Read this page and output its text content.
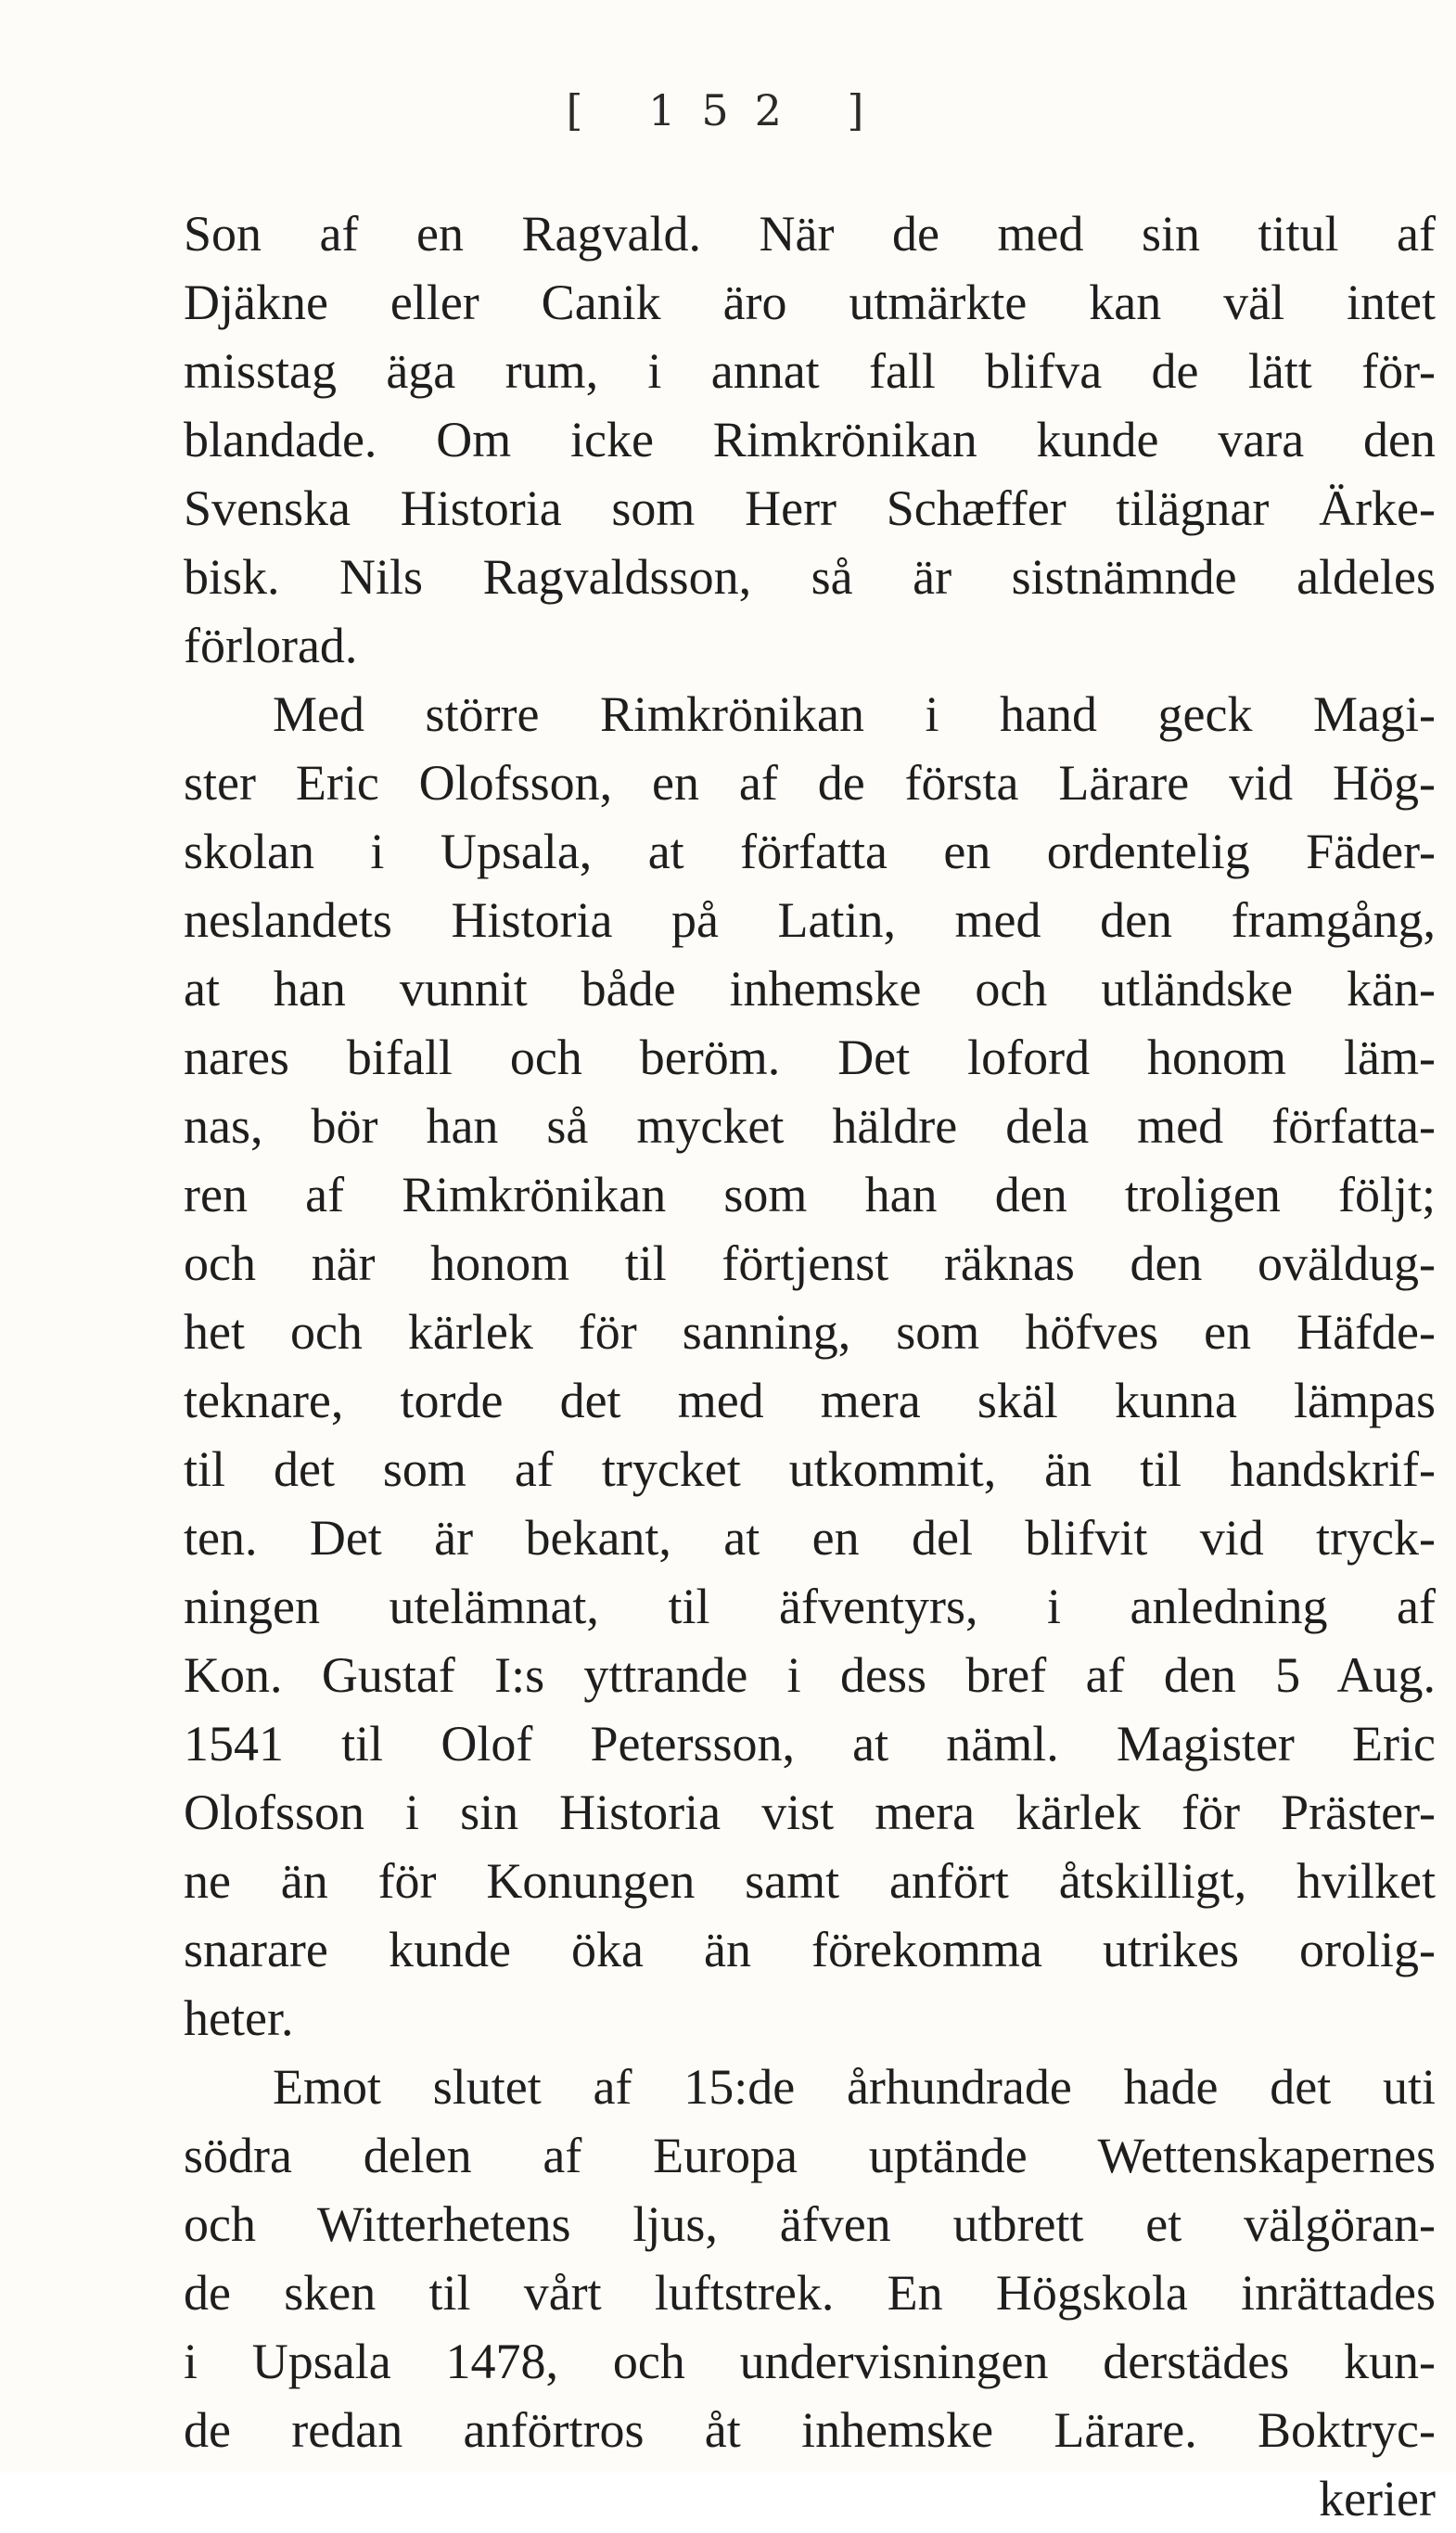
[ 152 ]
Son af en Ragvald. När de med sin titul af
Djäkne eller Canik äro utmärkte kan väl intet
misstag äga rum, i annat fall blifva de lätt för-
blandade. Om icke Rimkrönikan kunde vara den
Svenska Historia som Herr Schæffer tilägnar Ärke-
bisk. Nils Ragvaldsson, så är sistnämnde aldeles
förlorad.
Med större Rimkrönikan i hand geck Magi-
ster Eric Olofsson, en af de första Lärare vid Hög-
skolan i Upsala, at författa en ordentelig Fäder-
neslandets Historia på Latin, med den framgång,
at han vunnit både inhemske och utländske kän-
nares bifall och beröm. Det loford honom läm-
nas, bör han så mycket häldre dela med författa-
ren af Rimkrönikan som han den troligen följt;
och när honom til förtjenst räknas den oväldug-
het och kärlek för sanning, som höfves en Häfde-
teknare, torde det med mera skäl kunna lämpas
til det som af trycket utkommit, än til handskrif-
ten. Det är bekant, at en del blifvit vid tryck-
ningen utelämnat, til äfventyrs, i anledning af
Kon. Gustaf I:s yttrande i dess bref af den 5 Aug.
1541 til Olof Petersson, at näml. Magister Eric
Olofsson i sin Historia vist mera kärlek för Präster-
ne än för Konungen samt anfört åtskilligt, hvilket
snarare kunde öka än förekomma utrikes orolig-
heter.
Emot slutet af 15:de århundrade hade det uti
södra delen af Europa uptände Wettenskapernes
och Witterhetens ljus, äfven utbrett et välgöran-
de sken til vårt luftstrek. En Högskola inrättades
i Upsala 1478, och undervisningen derstädes kun-
de redan anförtros åt inhemske Lärare. Boktryc-
kerier
